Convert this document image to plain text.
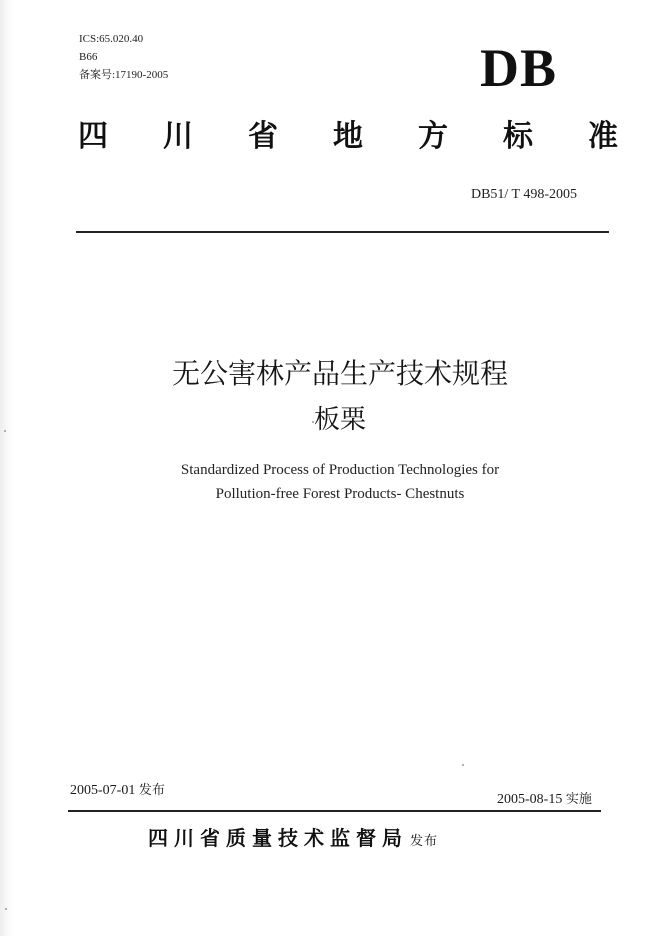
ICS:65.020.40
B66
备案号:17190-2005	DB
四 川 省 地 方 标 准
DB51/ T 498-2005
无公害林产品生产技术规程
板栗
Standardized Process of Production Technologies for
Pollution-free Forest Products- Chestnuts
2005-07-01 发布
2005-08-15 实施
四川省质量技术监督局 发布
